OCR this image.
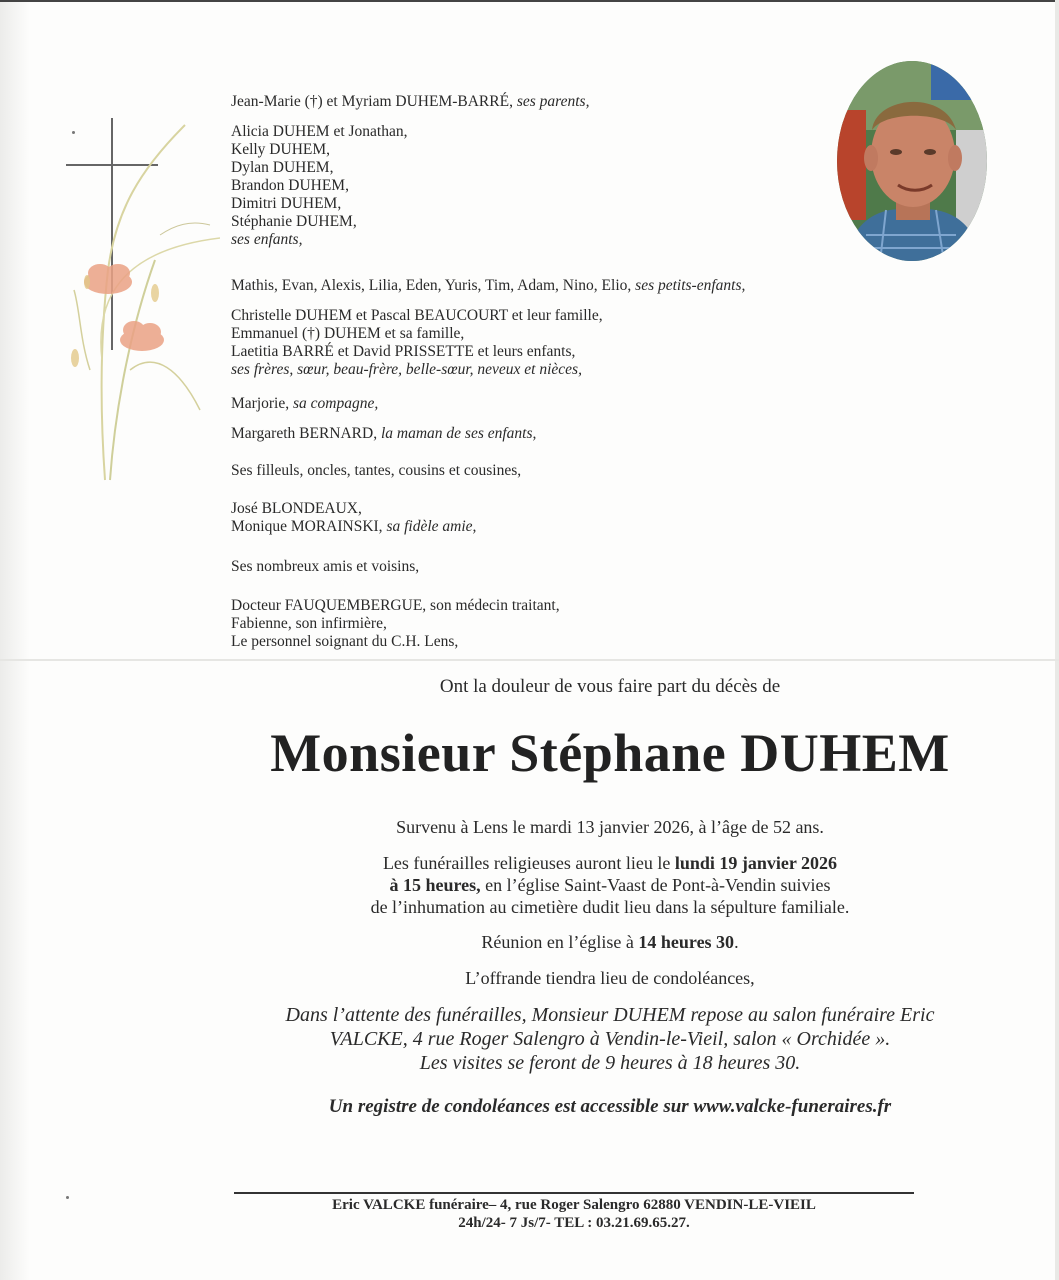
Jean-Marie (†) et Myriam DUHEM-BARRÉ, ses parents,
Alicia DUHEM et Jonathan,
Kelly DUHEM,
Dylan DUHEM,
Brandon DUHEM,
Dimitri DUHEM,
Stéphanie DUHEM,
ses enfants,
Mathis, Evan, Alexis, Lilia, Eden, Yuris, Tim, Adam, Nino, Elio, ses petits-enfants,
Christelle DUHEM et Pascal BEAUCOURT et leur famille,
Emmanuel (†) DUHEM et sa famille,
Laetitia BARRÉ et David PRISSETTE et leurs enfants,
ses frères, sœur, beau-frère, belle-sœur, neveux et nièces,
Marjorie, sa compagne,
Margareth BERNARD, la maman de ses enfants,
Ses filleuls, oncles, tantes, cousins et cousines,
José BLONDEAUX,
Monique MORAINSKI, sa fidèle amie,
Ses nombreux amis et voisins,
Docteur FAUQUEMBERGUE, son médecin traitant,
Fabienne, son infirmière,
Le personnel soignant du C.H. Lens,
Ont la douleur de vous faire part du décès de
Monsieur Stéphane DUHEM
Survenu à Lens le mardi 13 janvier 2026, à l’âge de 52 ans.
Les funérailles religieuses auront lieu le lundi 19 janvier 2026
à 15 heures, en l’église Saint-Vaast de Pont-à-Vendin suivies
de l’inhumation au cimetière dudit lieu dans la sépulture familiale.
Réunion en l’église à 14 heures 30.
L’offrande tiendra lieu de condoléances,
Dans l’attente des funérailles, Monsieur DUHEM repose au salon funéraire Eric
VALCKE, 4 rue Roger Salengro à Vendin-le-Vieil, salon « Orchidée ».
Les visites se feront de 9 heures à 18 heures 30.
Un registre de condoléances est accessible sur www.valcke-funeraires.fr
Eric VALCKE funéraire– 4, rue Roger Salengro 62880 VENDIN-LE-VIEIL
24h/24- 7 Js/7- TEL : 03.21.69.65.27.
